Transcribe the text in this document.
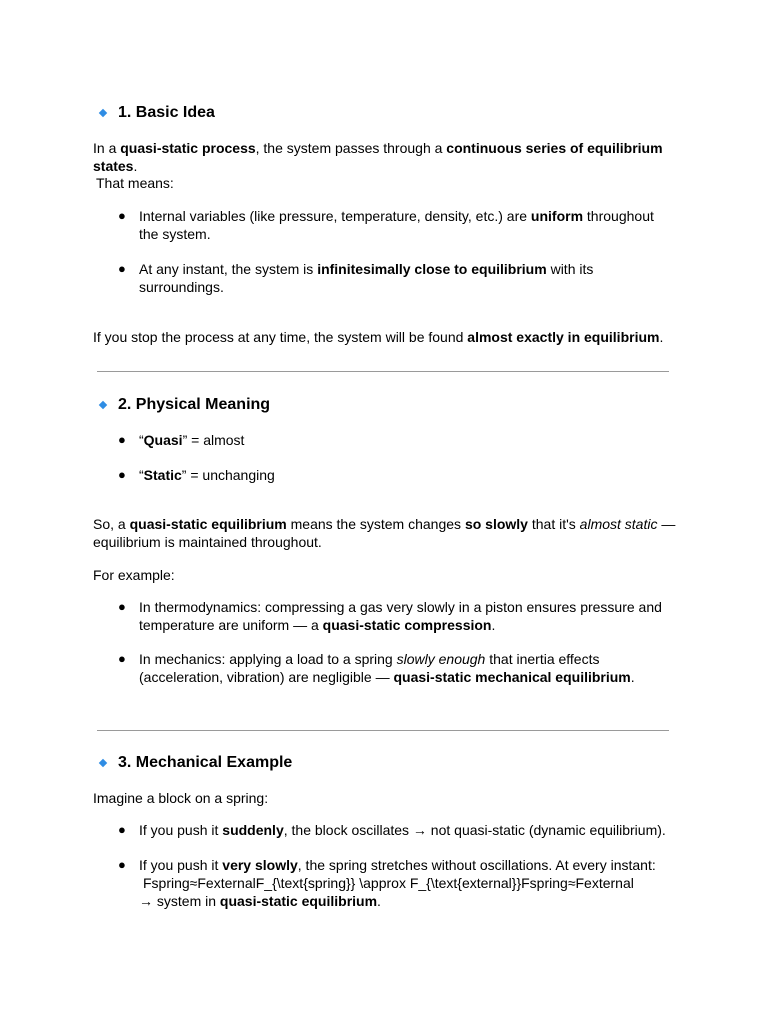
1. Basic Idea
In a quasi-static process, the system passes through a continuous series of equilibrium states.
That means:
● Internal variables (like pressure, temperature, density, etc.) are uniform throughout the system.
● At any instant, the system is infinitesimally close to equilibrium with its surroundings.
If you stop the process at any time, the system will be found almost exactly in equilibrium.
2. Physical Meaning
● “Quasi” = almost
● “Static” = unchanging
So, a quasi-static equilibrium means the system changes so slowly that it's almost static — equilibrium is maintained throughout.
For example:
● In thermodynamics: compressing a gas very slowly in a piston ensures pressure and temperature are uniform — a quasi-static compression.
● In mechanics: applying a load to a spring slowly enough that inertia effects (acceleration, vibration) are negligible — quasi-static mechanical equilibrium.
3. Mechanical Example
Imagine a block on a spring:
● If you push it suddenly, the block oscillates → not quasi-static (dynamic equilibrium).
● If you push it very slowly, the spring stretches without oscillations. At every instant:
Fspring≈FexternalF_{\text{spring}} \approx F_{\text{external}}Fspring≈Fexternal
→ system in quasi-static equilibrium.
